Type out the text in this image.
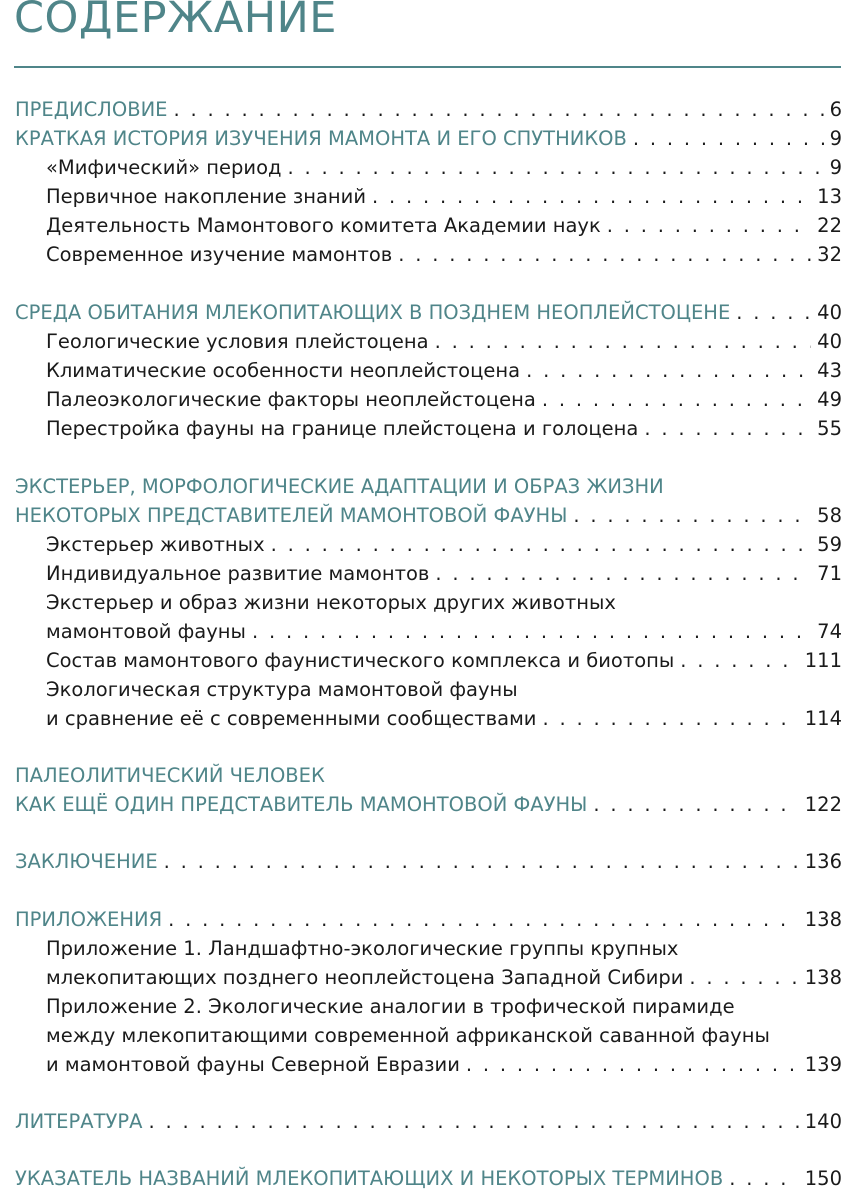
СОДЕРЖАНИЕ
ПРЕДИСЛОВИЕ . . .	6
КРАТКАЯ ИСТОРИЯ ИЗУЧЕНИЯ МАМОНТА И ЕГО СПУТНИКОВ . . .	9
«Мифический» период . . .	9
Первичное накопление знаний . . .	13
Деятельность Мамонтового комитета Академии наук . . .	22
Современное изучение мамонтов . . .	32
СРЕДА ОБИТАНИЯ МЛЕКОПИТАЮЩИХ В ПОЗДНЕМ НЕОПЛЕЙСТОЦЕНЕ . . .	40
Геологические условия плейстоцена . . .	40
Климатические особенности неоплейстоцена . . .	43
Палеоэкологические факторы неоплейстоцена . . .	49
Перестройка фауны на границе плейстоцена и голоцена . . .	55
ЭКСТЕРЬЕР, МОРФОЛОГИЧЕСКИЕ АДАПТАЦИИ И ОБРАЗ ЖИЗНИ
НЕКОТОРЫХ ПРЕДСТАВИТЕЛЕЙ МАМОНТОВОЙ ФАУНЫ . . .	58
Экстерьер животных . . .	59
Индивидуальное развитие мамонтов . . .	71
Экстерьер и образ жизни некоторых других животных
мамонтовой фауны . . .	74
Состав мамонтового фаунистического комплекса и биотопы . . .	111
Экологическая структура мамонтовой фауны
и сравнение её с современными сообществами . . .	114
ПАЛЕОЛИТИЧЕСКИЙ ЧЕЛОВЕК
КАК ЕЩЁ ОДИН ПРЕДСТАВИТЕЛЬ МАМОНТОВОЙ ФАУНЫ . . .	122
ЗАКЛЮЧЕНИЕ . . .	136
ПРИЛОЖЕНИЯ . . .	138
Приложение 1. Ландшафтно-экологические группы крупных
млекопитающих позднего неоплейстоцена Западной Сибири . . .	138
Приложение 2. Экологические аналогии в трофической пирамиде
между млекопитающими современной африканской саванной фауны
и мамонтовой фауны Северной Евразии . . .	139
ЛИТЕРАТУРА . . .	140
УКАЗАТЕЛЬ НАЗВАНИЙ МЛЕКОПИТАЮЩИХ И НЕКОТОРЫХ ТЕРМИНОВ . . .	150
